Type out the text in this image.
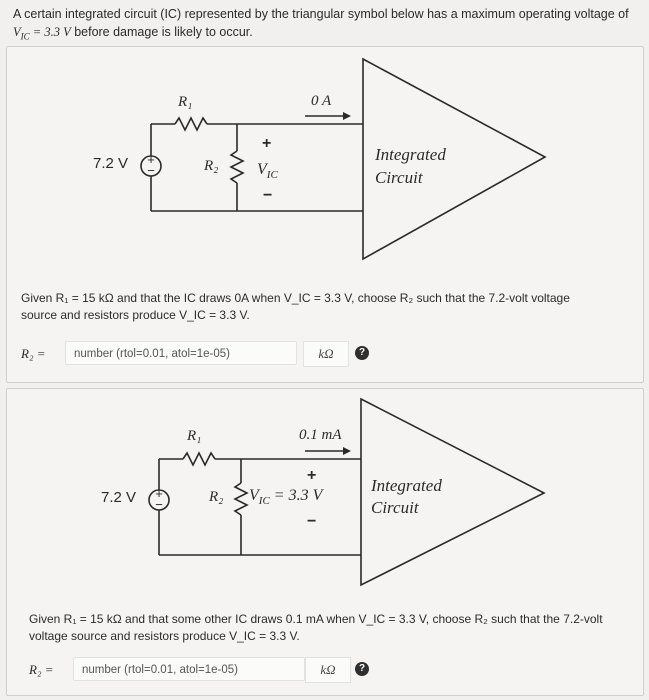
A certain integrated circuit (IC) represented by the triangular symbol below has a maximum operating voltage of $V_{IC} = 3.3$ V before damage is likely to occur.
+
−
R₁
R₂
7.2 V
0 A
+
$V_{IC}$
−
Integrated
Circuit
Given R₁ = 15 kΩ and that the IC draws 0A when V_IC = 3.3 V, choose R₂ such that the 7.2-volt voltage source and resistors produce V_IC = 3.3 V.
R₂ =	number (rtol=0.01, atol=1e-05)	kΩ	?
+
−
R₁
R₂
7.2 V
0.1 mA
+
$V_{IC} = 3.3$ V
−
Integrated
Circuit
Given R₁ = 15 kΩ and that some other IC draws 0.1 mA when V_IC = 3.3 V, choose R₂ such that the 7.2-volt voltage source and resistors produce V_IC = 3.3 V.
R₂ =	number (rtol=0.01, atol=1e-05)	kΩ	?
